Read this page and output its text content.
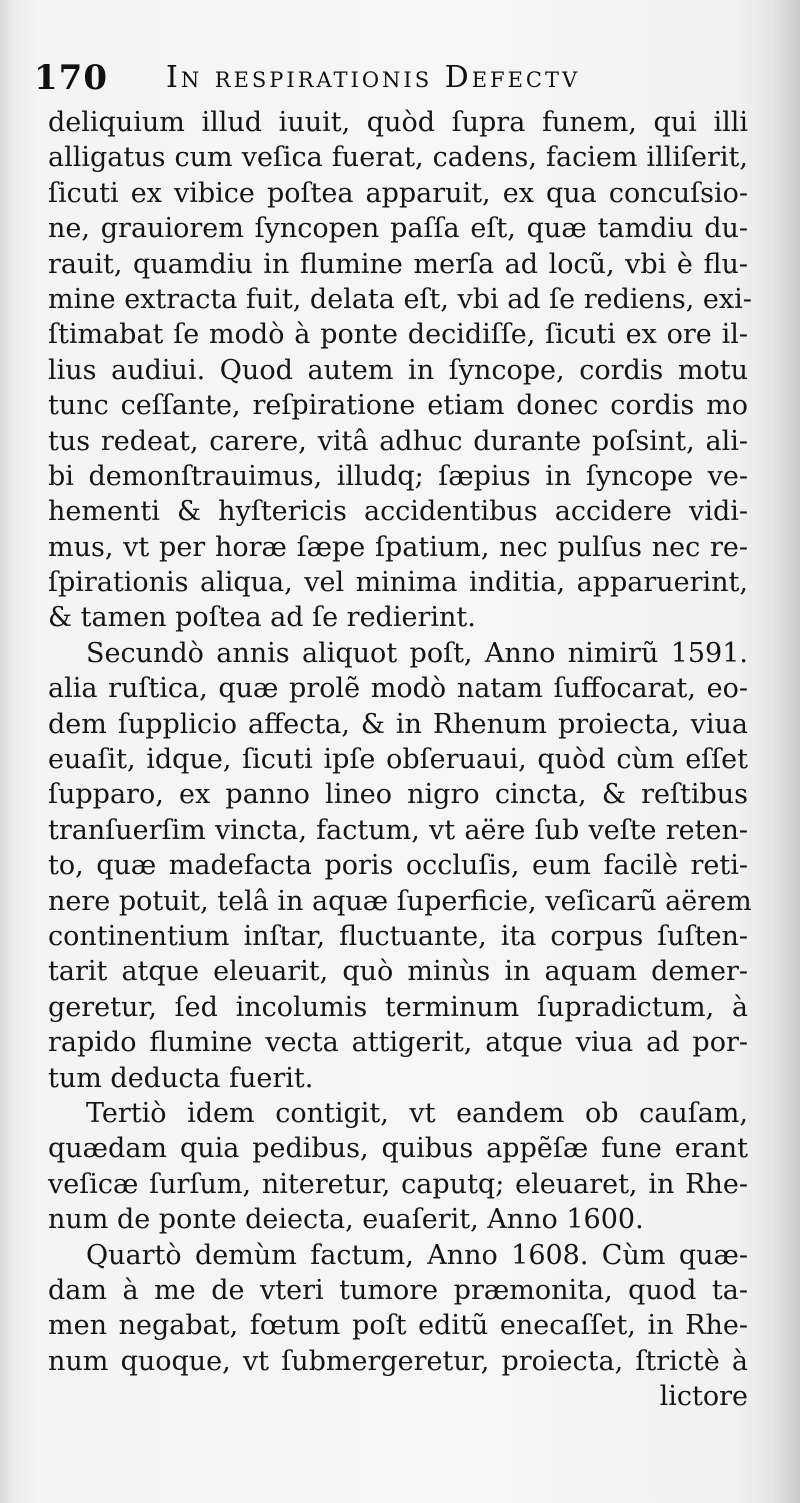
170 In respirationis Defectv
deliquium illud iuuit, quòd ſupra funem, qui illi
alligatus cum veſica fuerat, cadens, faciem illiſerit,
ſicuti ex vibice poſtea apparuit, ex qua concuſsio-
ne, grauiorem ſyncopen paſſa eſt, quæ tamdiu du-
rauit, quamdiu in flumine merſa ad locũ, vbi è flu-
mine extracta fuit, delata eſt, vbi ad ſe rediens, exi-
ſtimabat ſe modò à ponte decidiſſe, ſicuti ex ore il-
lius audiui. Quod autem in ſyncope, cordis motu
tunc ceſſante, reſpiratione etiam donec cordis mo
tus redeat, carere, vitâ adhuc durante poſsint, ali-
bi demonſtrauimus, illudq; ſæpius in ſyncope ve-
hementi & hyſtericis accidentibus accidere vidi-
mus, vt per horæ ſæpe ſpatium, nec pulſus nec re-
ſpirationis aliqua, vel minima inditia, apparuerint,
& tamen poſtea ad ſe redierint.
Secundò annis aliquot poſt, Anno nimirũ 1591.
alia ruſtica, quæ prolẽ modò natam ſuffocarat, eo-
dem ſupplicio affecta, & in Rhenum proiecta, viua
euaſit, idque, ſicuti ipſe obſeruaui, quòd cùm eſſet
ſupparo, ex panno lineo nigro cincta, & reſtibus
tranſuerſim vincta, factum, vt aëre ſub veſte reten-
to, quæ madefacta poris occluſis, eum facilè reti-
nere potuit, telâ in aquæ ſuperficie, veſicarũ aërem
continentium inſtar, fluctuante, ita corpus ſuſten-
tarit atque eleuarit, quò minùs in aquam demer-
geretur, ſed incolumis terminum ſupradictum, à
rapido flumine vecta attigerit, atque viua ad por-
tum deducta fuerit.
Tertiò idem contigit, vt eandem ob cauſam,
quædam quia pedibus, quibus appẽſæ fune erant
veſicæ ſurſum, niteretur, caputq; eleuaret, in Rhe-
num de ponte deiecta, euaſerit, Anno 1600.
Quartò demùm factum, Anno 1608. Cùm quæ-
dam à me de vteri tumore præmonita, quod ta-
men negabat, fœtum poſt editũ enecaſſet, in Rhe-
num quoque, vt ſubmergeretur, proiecta, ſtrictè à
lictore
